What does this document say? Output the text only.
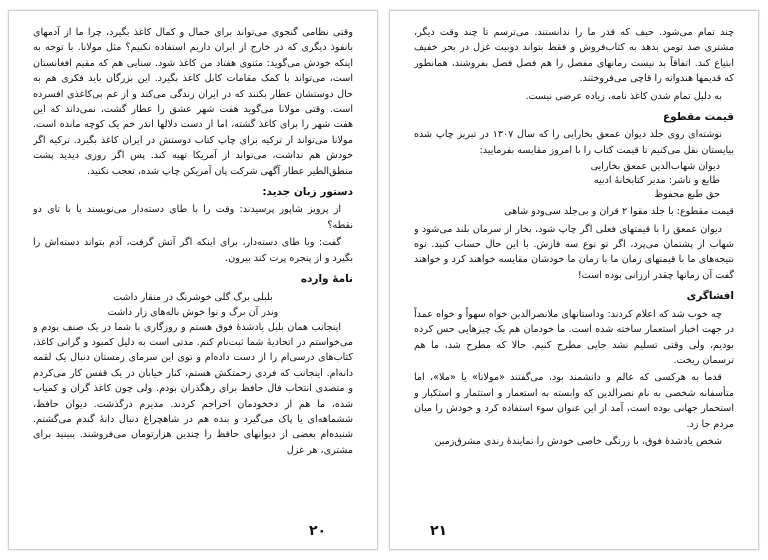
وقتی نظامی گنجوی می‌تواند برای جمال و کمال کاغذ بگیرد، چرا ما از آدمهای بانفوذ دیگری که در خارج از ایران داریم استفاده نکنیم؟ مثل مولانا. با توجه به اینکه خودش می‌گوید: مثنوی هفتاد من کاغذ شود. سنایی هم که مقیم افغانستان است، می‌تواند با کمک مقامات کابل کاغذ بگیرد. این بزرگان باید فکری هم به حال دوستشان عطار بکنند که در ایران زندگی می‌کند و از غم بی‌کاغذی افسرده است. وقتی مولانا می‌گوید هفت شهر عشق را عطار گشت، نمی‌داند که این هفت شهر را برای کاغذ گشته، اما از دست دلالها اندر خم یک کوچه مانده است. مولانا می‌تواند از ترکیه برای چاپ کتاب دوستش در ایران کاغذ بگیرد. ترکیه اگر خودش هم نداشت، می‌تواند از آمریکا تهیه کند. پس اگر روزی دیدید پشت منطق‌الطیر عطار آگهی شرکت پان آمریکن چاپ شده، تعجب نکنید.

دستور زبان جدید:

از پرویز شاپور پرسیدند: وقت را با طای دسته‌دار می‌نویسند یا با تای دو نقطه؟

گفت: وبا طای دسته‌دار، برای اینکه اگر آتش گرفت، آدم بتواند دسته‌اش را بگیرد و از پنجره پرت کند بیرون.

نامهٔ وارده
بلبلی برگ گلی خوشرنگ در منقار داشت
وندر آن برگ و نوا خوش ناله‌های زار داشت

اینجانب همان بلبل یادشدهٔ فوق هستم و روزگاری با شما در یک صنف بودم و می‌خواستم در اتحادیهٔ شما ثبت‌نام کنم. مدتی است به دلیل کمبود و گرانی کاغذ، کتاب‌های درسی‌ام را از دست داده‌ام و توی این سرمای زمستان دنبال یک لقمه دانه‌ام. اینجانب که فردی زحمتکش هستم، کنار خیابان در یک قفس کار می‌کردم و متصدی انتخاب فال حافظ برای رهگذران بودم. ولی چون کاغذ گران و کمیاب شده، ما هم از دخخودمان اخراجم کردند. مدیرم درگذشت. دیوان حافظ، ششماهه‌ای یا پاک می‌گیرد و بنده هم در شاهچراغ دنبال دانهٔ گندم می‌گشتم. شنیده‌ام بعضی از دیوانهای حافظ را چندین هزارتومان می‌فروشند. ببینید برای مشتری، هر غزل

۲۰

چند تمام می‌شود. حیف که قدر ما را ندانستند. می‌ترسم تا چند وقت دیگر، مشتری صد تومن بدهد به کتاب‌فروش و فقط بتواند دوبیت غزل در بحر خفیف ابتیاع کند. اتفاقاً بد نیست رمانهای مفصل را هم فصل فصل بفروشند، همانطور که قدیمها هندوانه را قاچی می‌فروختند.

به دلیل تمام شدن کاغذ نامه، زیاده عرضی نیست.

قیمت مقطوع

نوشته‌ای روی جلد دیوان عمعق بخارایی را که سال ۱۳۰۷ در تبریز چاپ شده بیایستان نقل می‌کنیم تا قیمت کتاب را با امروز مقایسه بفرمایید:

دیوان شهاب‌الدین عمعق بخارایی
طابع و ناشر: مدیر کتابخانهٔ ادبیه
حق طبع محفوظ

قیمت مقطوع: با جلد مقوا ۲ قران و بی‌جلد سی‌ودو شاهی

دیوان عمعق را با قیمتهای فعلی اگر چاپ شود، بخار از سرمان بلند می‌شود و شهاب از پشتمان می‌پرد، اگر تو نوع سه فازش. با این حال حساب کنید. نوه نتیجه‌های ما با قیمتهای زمان ما با زمان ما خودشان مقایسه خواهند کرد و خواهند گفت آن زمانها چقدر ارزانی بوده است!

افشاگری

چه خوب شد که اعلام کردند: وداستانهای ملانصرالدین خواه سهواً و خواه عمداً در جهت اخبار استعمار ساخته شده است. ما خودمان هم یک چیزهایی حس کرده بودیم، ولی وقتی تسلیم نشد جایی مطرح کنیم. حالا که مطرح شد، ما هم ترسمان ریخت.

قدما به هرکسی که عالم و دانشمند بود، می‌گفتند «مولانا» یا «ملا»، اما متأسفانه شخصی به نام نصرالدین که وابسته به استعمار و استثمار و استکبار و استحمار جهانی بوده است، آمد از این عنوان سوء استفاده کرد و خودش را میان مردم جا زد.

شخص یادشدهٔ فوق، با زرنگی خاصی خودش را نمایندهٔ رندی مشرق‌زمین

۲۱
